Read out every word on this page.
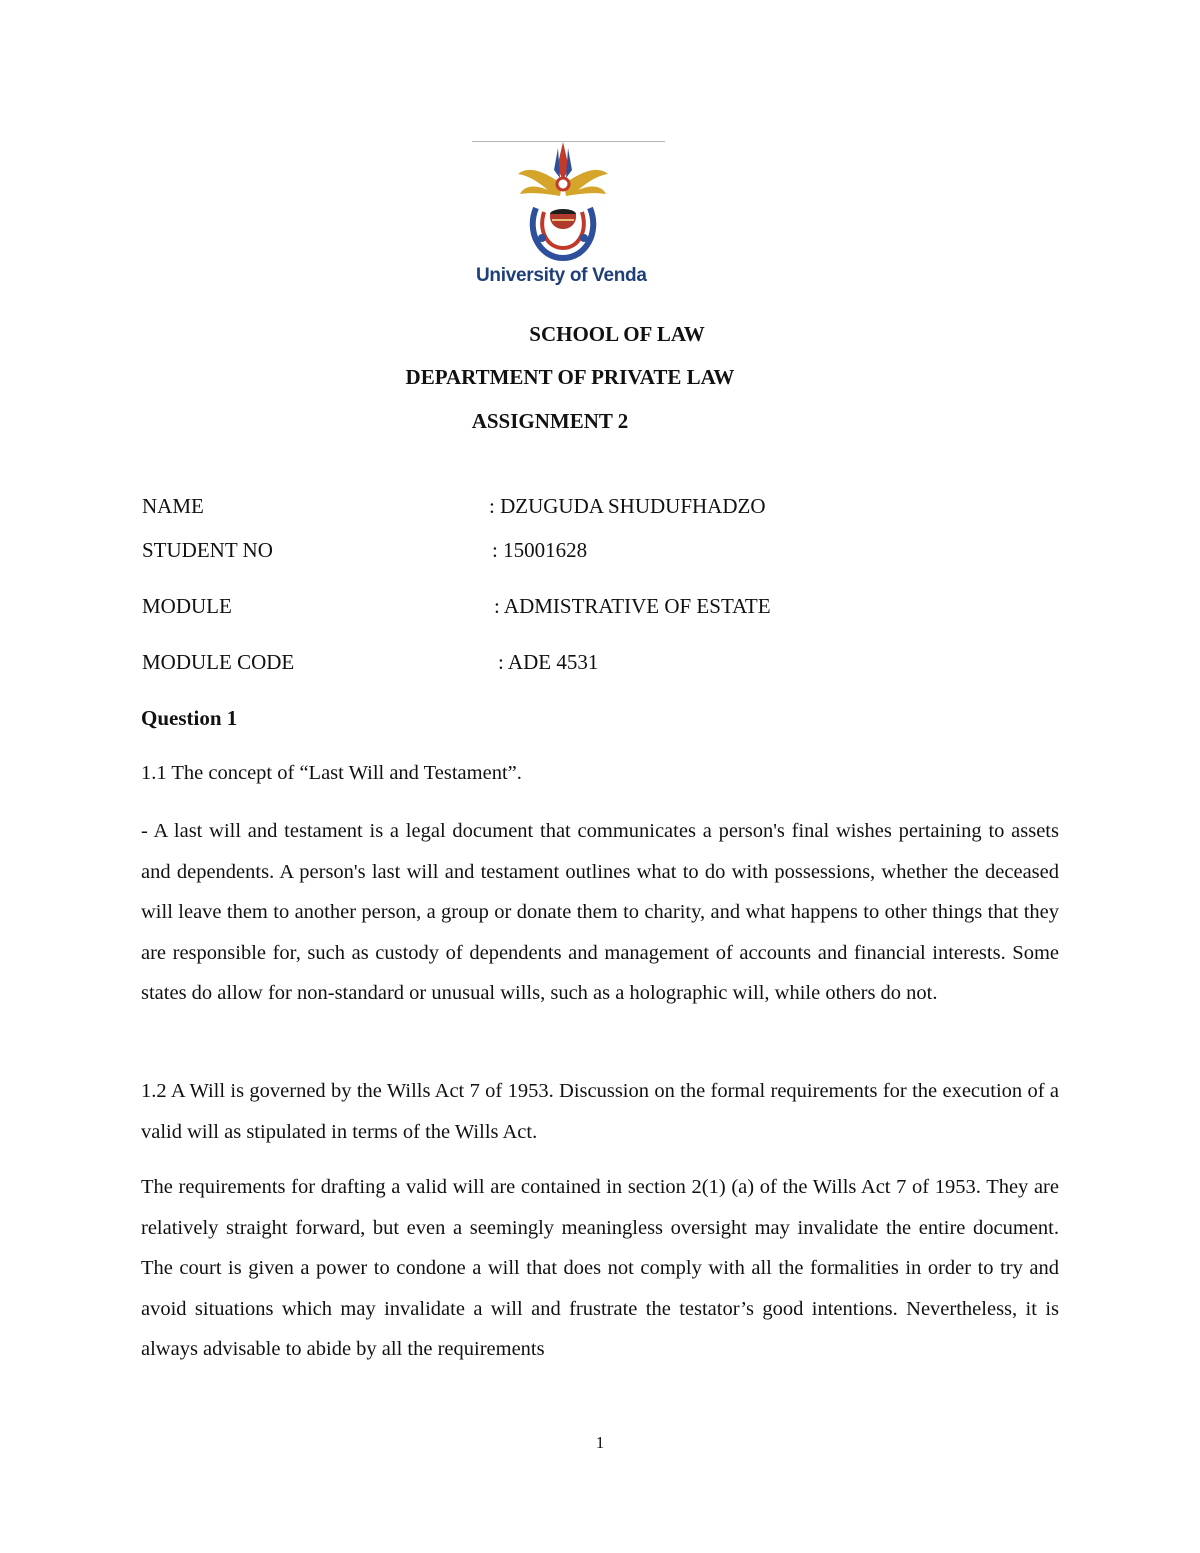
University of Venda
SCHOOL OF LAW
DEPARTMENT OF PRIVATE LAW
ASSIGNMENT 2
NAME	: DZUGUDA SHUDUFHADZO
STUDENT NO	: 15001628
MODULE	: ADMISTRATIVE OF ESTATE
MODULE CODE	: ADE 4531
Question 1
1.1 The concept of “Last Will and Testament”.

- A last will and testament is a legal document that communicates a person's final wishes pertaining to assets and dependents. A person's last will and testament outlines what to do with possessions, whether the deceased will leave them to another person, a group or donate them to charity, and what happens to other things that they are responsible for, such as custody of dependents and management of accounts and financial interests. Some states do allow for non-standard or unusual wills, such as a holographic will, while others do not.

1.2 A Will is governed by the Wills Act 7 of 1953. Discussion on the formal requirements for the execution of a valid will as stipulated in terms of the Wills Act.

The requirements for drafting a valid will are contained in section 2(1) (a) of the Wills Act 7 of 1953. They are relatively straight forward, but even a seemingly meaningless oversight may invalidate the entire document. The court is given a power to condone a will that does not comply with all the formalities in order to try and avoid situations which may invalidate a will and frustrate the testator’s good intentions. Nevertheless, it is always advisable to abide by all the requirements

1
